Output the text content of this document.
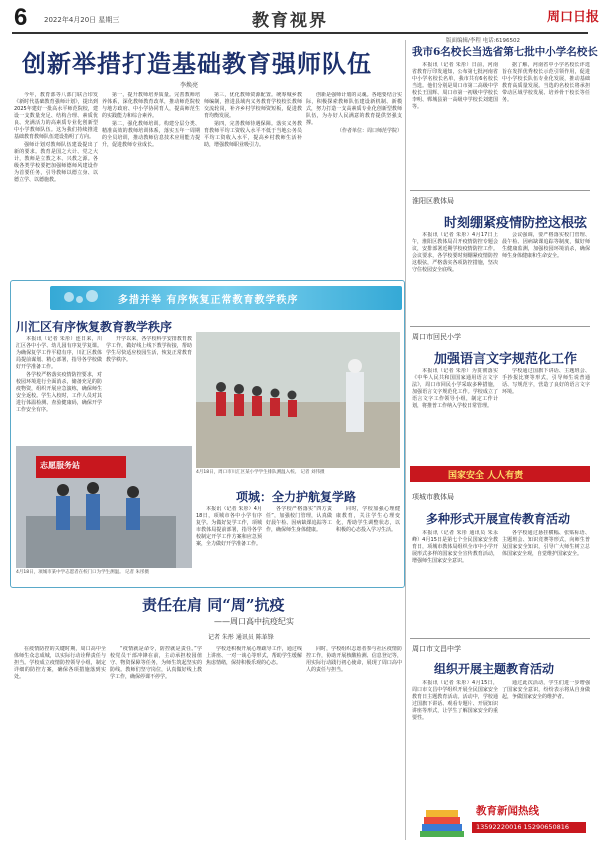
6 2022年4月20日 星期三	教育视界	周口日报
版面编辑/李程 电话:6196502
创新举措打造基础教育强师队伍
李焕亮

今年，教育部等八部门联合印发《新时代基础教育强师计划》，提出到2025年建好一批高水平师范院校，建设一支数量充足、结构合理、素质优良、充满活力的高素质专业化创新型中小学教师队伍。这为我们持续推进基础教育教师队伍建设指明了方向。

强师计划对教师队伍建设提出了新的要求。教育是国之大计、党之大计，教师是立教之本、兴教之源。各级各类学校要把加强师德师风建设作为首要任务，引导教师以德立身、以德立学、以德施教。

第一，提升教师培养质量。完善教师培养体系，深化教师教育改革，推动师范院校与地方政府、中小学协同育人，提高师范生的实践能力和综合素养。

第二，强化教师培训。构建分层分类、精准高效的教师培训体系，落实五年一周期的全员培训，推动教师信息技术应用能力提升，促进教师专业成长。

第三，优化教师资源配置。统筹城乡教师编制，推进县域内义务教育学校校长教师交流轮岗，补齐乡村学校师资短板，促进教育均衡发展。

第四，完善教师待遇保障。落实义务教育教师平均工资收入水平不低于当地公务员平均工资收入水平，提高乡村教师生活补助，增强教师职业吸引力。

创新是强师计划的灵魂。各地要结合实际，积极探索教师队伍建设新机制、新模式，努力打造一支高素质专业化创新型教师队伍，为办好人民满意的教育提供坚强支撑。

（作者单位：周口师范学院）

我市6名校长当选省第七批中小学名校长

本报讯（记者 朱彤）日前，河南省教育厅印发通知，公布第七批河南省中小学名校长名单，我市共有6名校长当选。他们分别是周口市第二高级中学校长王国辉、周口市第一初级中学校长李明、郸城县第一高级中学校长刘建国等。

据了解，河南省中小学名校长评选旨在发挥优秀校长示范引领作用，促进中小学校长队伍专业化发展，推动基础教育高质量发展。当选的名校长将承担带动区域学校发展、培养骨干校长等任务。

淮阳区教体局
时刻绷紧疫情防控这根弦

本报讯（记者 朱彤）4月17日上午，淮阳区教体局召开疫情防控专题会议，安排部署近期学校疫情防控工作。会议要求，各学校要时刻绷紧疫情防控这根弦，严格落实各项防控措施，坚决守住校园安全底线。

会议强调，要严格落实校门管理、晨午检、因病缺课追踪等制度，做好师生健康监测，加强校园环境消杀，确保师生身体健康和生命安全。

周口市回民小学
加强语言文字规范化工作

本报讯（记者 朱彤）为贯彻落实《中华人民共和国国家通用语言文字法》，周口市回民小学采取多种措施，加强语言文字规范化工作。学校成立了语言文字工作领导小组，制定工作计划，将推普工作纳入学校日常管理。

学校通过国旗下讲话、主题班会、手抄报比赛等形式，引导师生说普通话、写规范字，营造了良好的语言文字环境。

国家安全 人人有责
项城市教体局
多种形式开展宣传教育活动

本报讯（记者 朱彤 通讯员 朱永峰）4月15日是第七个全民国家安全教育日，项城市教体局组织全市中小学开展形式多样的国家安全宣传教育活动，增强师生国家安全意识。

各学校通过悬挂横幅、张贴标语、主题班会、知识竞赛等形式，向师生普及国家安全知识，引导广大师生树立总体国家安全观，自觉维护国家安全。

周口市文昌中学
组织开展主题教育活动

本报讯（记者 朱彤）4月15日，周口市文昌中学组织开展全民国家安全教育日主题教育活动。活动中，学校通过国旗下讲话、观看专题片、开展知识讲座等形式，让学生了解国家安全的重要性。

通过此次活动，学生们进一步增强了国家安全意识，纷纷表示将从自身做起，争做国家安全的维护者。

教育新闻热线
13592220016 15290650816
多措并举 有序恢复正常教育教学秩序
川汇区有序恢复教育教学秩序

本报讯（记者 朱彤）连日来，川汇区各中小学、幼儿园有序复学复课。为确保复学工作平稳有序，川汇区教体局提前谋划、精心部署，指导各学校做好开学准备工作。

各学校严格落实疫情防控要求，对校园环境进行全面消杀，储备充足的防疫物资，组织开展应急演练，确保师生安全返校。学生入校时，工作人员对其进行体温检测、查验健康码，确保开学工作安全有序。

开学以来，各学校科学安排教育教学工作，做好线上线下教学衔接，帮助学生尽快适应校园生活，恢复正常教育教学秩序。

4月18日，周口市川汇区某小学学生排队测温入校。 记者 刘伟摄
志愿服务站
4月18日，项城市某中学志愿者在校门口为学生测温。 记者 朱彤摄
项城：全力护航复学路

本报讯（记者 朱彤）4月18日，项城市各中小学有序复学。为做好复学工作，项城市教体局提前部署，指导各学校制定开学工作方案和应急预案，全力做好开学准备工作。

各学校严格落实“四方责任”，加强校门管理，认真做好晨午检、因病缺课追踪等工作，确保师生身体健康。

同时，学校加强心理健康教育，关注学生心理变化，帮助学生调整状态，以积极的心态投入学习生活。

责任在肩 同“周”抗疫
——周口高中抗疫纪实
记者 朱彤 通讯员 陈革锋

在疫情防控的关键时期，周口高中全体师生众志成城，以实际行动诠释责任与担当。学校成立疫情防控领导小组，制定详细的防控方案，确保各项措施落到实处。

“疫情就是命令，防控就是责任。”学校党员干部冲锋在前，主动承担校园值守、物资保障等任务，为师生筑起坚实的防线。教师们坚守岗位，认真做好线上教学工作，确保停课不停学。

学校还积极开展心理疏导工作，通过线上讲座、一对一谈心等形式，帮助学生缓解焦虑情绪，保持积极乐观的心态。

同时，学校组织志愿者参与社区疫情防控工作，协助开展核酸检测、信息登记等，用实际行动践行初心使命，展现了周口高中人的责任与担当。
